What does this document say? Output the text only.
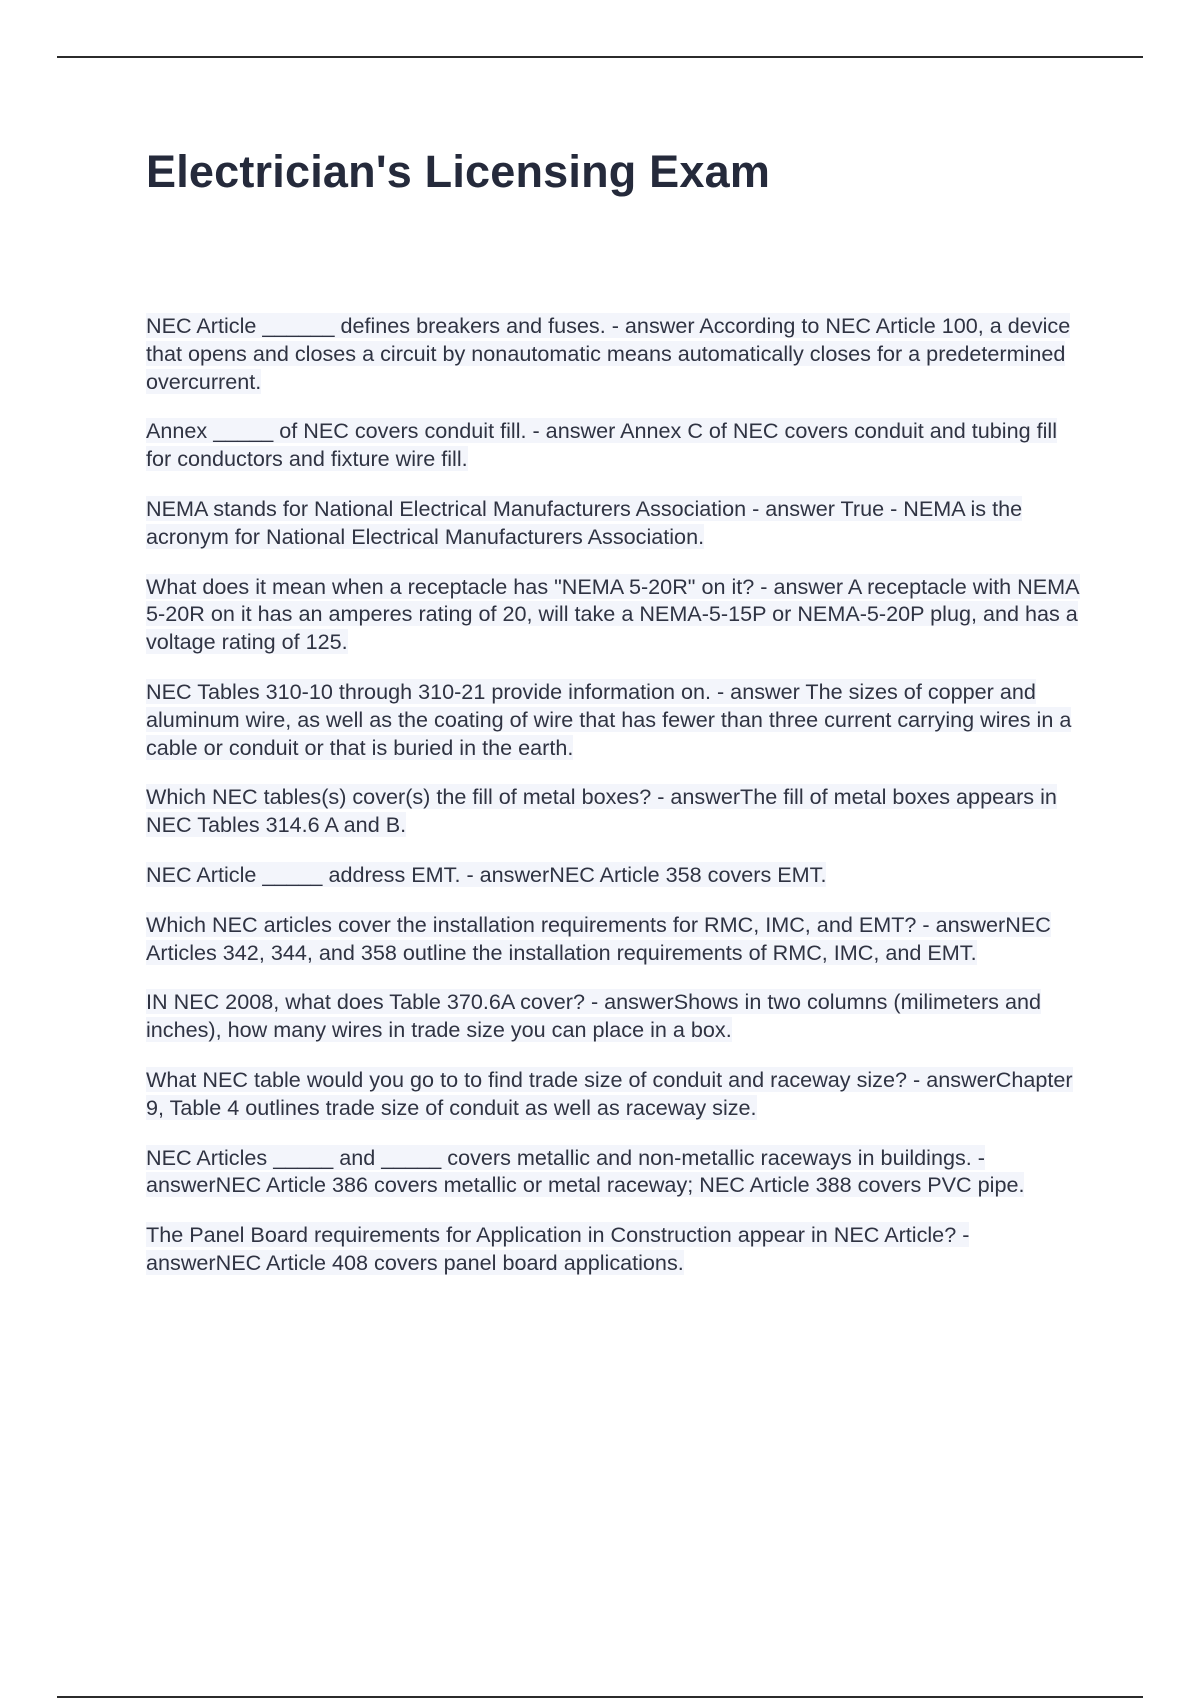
Electrician's Licensing Exam

NEC Article ______ defines breakers and fuses. - answer According to NEC Article 100, a device that opens and closes a circuit by nonautomatic means automatically closes for a predetermined overcurrent.

Annex _____ of NEC covers conduit fill. - answer Annex C of NEC covers conduit and tubing fill for conductors and fixture wire fill.

NEMA stands for National Electrical Manufacturers Association - answer True - NEMA is the acronym for National Electrical Manufacturers Association.

What does it mean when a receptacle has "NEMA 5-20R" on it? - answer A receptacle with NEMA 5-20R on it has an amperes rating of 20, will take a NEMA-5-15P or NEMA-5-20P plug, and has a voltage rating of 125.

NEC Tables 310-10 through 310-21 provide information on. - answer The sizes of copper and aluminum wire, as well as the coating of wire that has fewer than three current carrying wires in a cable or conduit or that is buried in the earth.

Which NEC tables(s) cover(s) the fill of metal boxes? - answerThe fill of metal boxes appears in NEC Tables 314.6 A and B.

NEC Article _____ address EMT. - answerNEC Article 358 covers EMT.

Which NEC articles cover the installation requirements for RMC, IMC, and EMT? - answerNEC Articles 342, 344, and 358 outline the installation requirements of RMC, IMC, and EMT.

IN NEC 2008, what does Table 370.6A cover? - answerShows in two columns (milimeters and inches), how many wires in trade size you can place in a box.

What NEC table would you go to to find trade size of conduit and raceway size? - answerChapter 9, Table 4 outlines trade size of conduit as well as raceway size.

NEC Articles _____ and _____ covers metallic and non-metallic raceways in buildings. - answerNEC Article 386 covers metallic or metal raceway; NEC Article 388 covers PVC pipe.

The Panel Board requirements for Application in Construction appear in NEC Article? - answerNEC Article 408 covers panel board applications.
